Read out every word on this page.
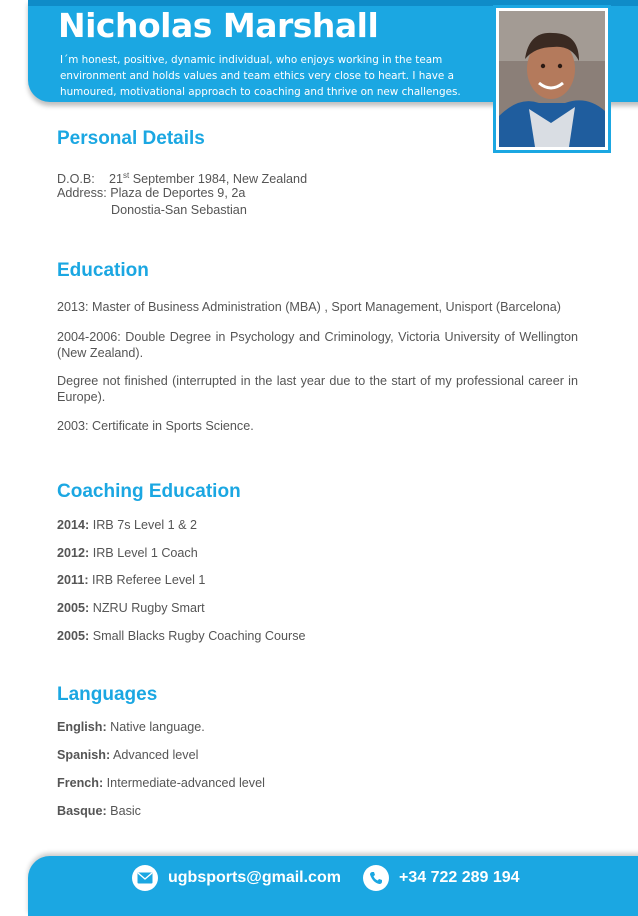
Nicholas Marshall

I´m honest, positive, dynamic individual, who enjoys working in the team environment and holds values and team ethics very close to heart. I have a humoured, motivational approach to coaching and thrive on new challenges.

Personal Details

D.O.B: 21st September 1984, New Zealand

Address: Plaza de Deportes 9, 2a

Donostia-San Sebastian

Education

2013: Master of Business Administration (MBA) , Sport Management, Unisport (Barcelona)

2004-2006: Double Degree in Psychology and Criminology, Victoria University of Wellington (New Zealand).

Degree not finished (interrupted in the last year due to the start of my professional career in Europe).

2003: Certificate in Sports Science.

Coaching Education

2014: IRB 7s Level 1 & 2

2012: IRB Level 1 Coach

2011: IRB Referee Level 1

2005: NZRU Rugby Smart

2005: Small Blacks Rugby Coaching Course

Languages

English: Native language.

Spanish: Advanced level

French: Intermediate-advanced level

Basque: Basic

ugbsports@gmail.com	+34 722 289 194
